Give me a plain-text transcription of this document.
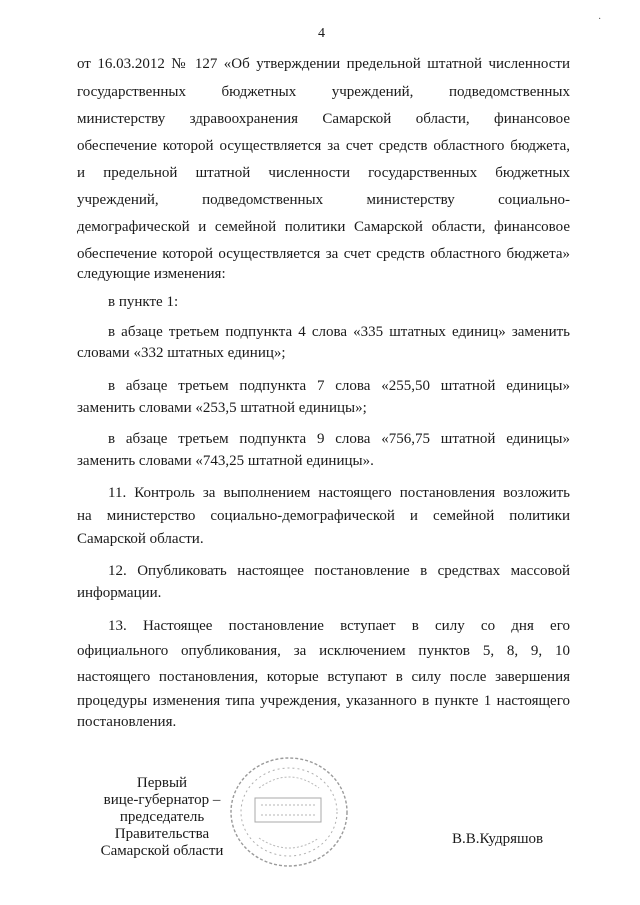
·
4
от 16.03.2012 № 127 «Об утверждении предельной штатной численности
государственных бюджетных учреждений, подведомственных
министерству здравоохранения Самарской области, финансовое
обеспечение которой осуществляется за счет средств областного бюджета,
и предельной штатной численности государственных бюджетных
учреждений, подведомственных министерству социально-
демографической и семейной политики Самарской области, финансовое
обеспечение которой осуществляется за счет средств областного бюджета»
следующие изменения:
в пункте 1:
в абзаце третьем подпункта 4 слова «335 штатных единиц» заменить
словами «332 штатных единиц»;
в абзаце третьем подпункта 7 слова «255,50 штатной единицы»
заменить словами «253,5 штатной единицы»;
в абзаце третьем подпункта 9 слова «756,75 штатной единицы»
заменить словами «743,25 штатной единицы».
11. Контроль за выполнением настоящего постановления возложить
на министерство социально-демографической и семейной политики
Самарской области.
12. Опубликовать настоящее постановление в средствах массовой
информации.
13. Настоящее постановление вступает в силу со дня его
официального опубликования, за исключением пунктов 5, 8, 9, 10
настоящего постановления, которые вступают в силу после завершения
процедуры изменения типа учреждения, указанного в пункте 1 настоящего
постановления.
Первый
вице-губернатор –
председатель Правительства
Самарской области
В.В.Кудряшов
